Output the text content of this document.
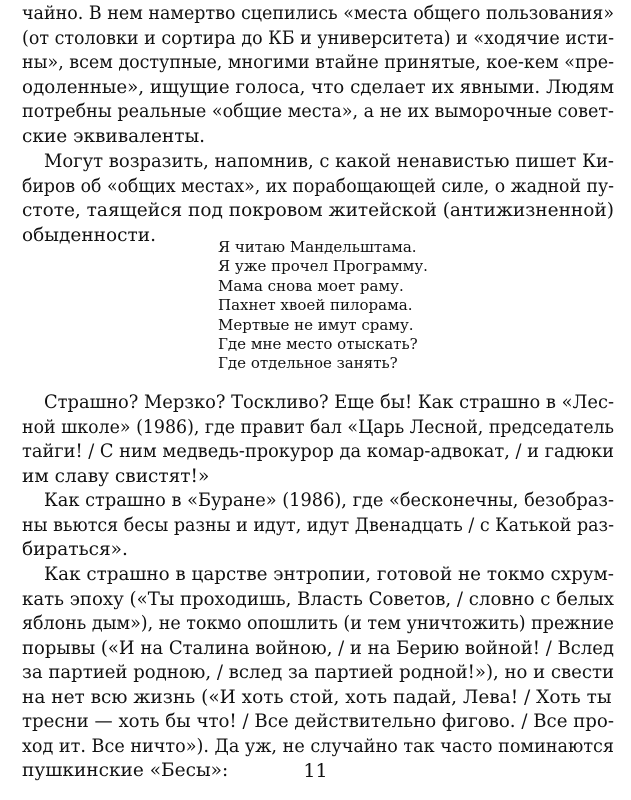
чайно. В нем намертво сцепились «места общего пользования»
(от столовки и сортира до КБ и университета) и «ходячие исти-
ны», всем доступные, многими втайне принятые, кое-кем «пре-
одоленные», ищущие голоса, что сделает их явными. Людям
потребны реальные «общие места», а не их выморочные совет-
ские эквиваленты.
Могут возразить, напомнив, с какой ненавистью пишет Ки-
биров об «общих местах», их порабощающей силе, о жадной пу-
стоте, таящейся под покровом житейской (антижизненной)
обыденности.
Я читаю Мандельштама.
Я уже прочел Программу.
Мама снова моет раму.
Пахнет хвоей пилорама.
Мертвые не имут сраму.
Где мне место отыскать?
Где отдельное занять?
Страшно? Мерзко? Тоскливо? Еще бы! Как страшно в «Лес-
ной школе» (1986), где правит бал «Царь Лесной, председатель
тайги! / С ним медведь-прокурор да комар-адвокат, / и гадюки
им славу свистят!»
Как страшно в «Буране» (1986), где «бесконечны, безобраз-
ны вьются бесы разны и идут, идут Двенадцать / с Катькой раз-
бираться».
Как страшно в царстве энтропии, готовой не токмо схрум-
кать эпоху («Ты проходишь, Власть Советов, / словно с белых
яблонь дым»), не токмо опошлить (и тем уничтожить) прежние
порывы («И на Сталина войною, / и на Берию войной! / Вслед
за партией родною, / вслед за партией родной!»), но и свести
на нет всю жизнь («И хоть стой, хоть падай, Лева! / Хоть ты
тресни — хоть бы что! / Все действительно фигово. / Все про-
ход ит. Все ничто»). Да уж, не случайно так часто поминаются
пушкинские «Бесы»:	11
